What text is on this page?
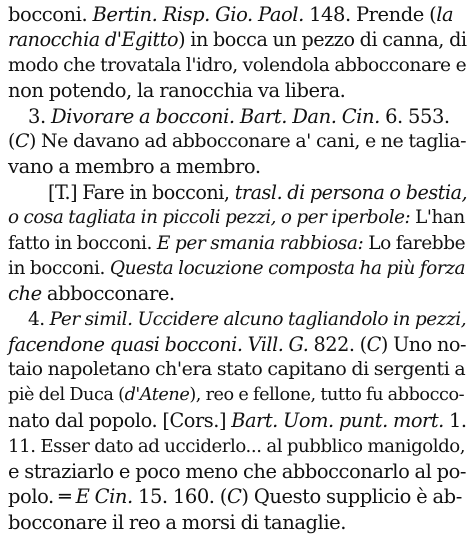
bocconi. Bertin. Risp. Gio. Paol. 148. Prende (la
ranocchia d'Egitto) in bocca un pezzo di canna, di
modo che trovatala l'idro, volendola abbocconare e
non potendo, la ranocchia va libera.
3. Divorare a bocconi. Bart. Dan. Cin. 6. 553.
(C) Ne davano ad abbocconare a' cani, e ne taglia-
vano a membro a membro.
[T.] Fare in bocconi, trasl. di persona o bestia,
o cosa tagliata in piccoli pezzi, o per iperbole: L'han
fatto in bocconi. E per smania rabbiosa: Lo farebbe
in bocconi. Questa locuzione composta ha più forza
che abbocconare.
4. Per simil. Uccidere alcuno tagliandolo in pezzi,
facendone quasi bocconi. Vill. G. 822. (C) Uno no-
taio napoletano ch'era stato capitano di sergenti a
piè del Duca (d'Atene), reo e fellone, tutto fu abbocco-
nato dal popolo. [Cors.] Bart. Uom. punt. mort. 1.
11. Esser dato ad ucciderlo... al pubblico manigoldo,
e straziarlo e poco meno che abbocconarlo al po-
polo. ═ E Cin. 15. 160. (C) Questo supplicio è ab-
bocconare il reo a morsi di tanaglie.
